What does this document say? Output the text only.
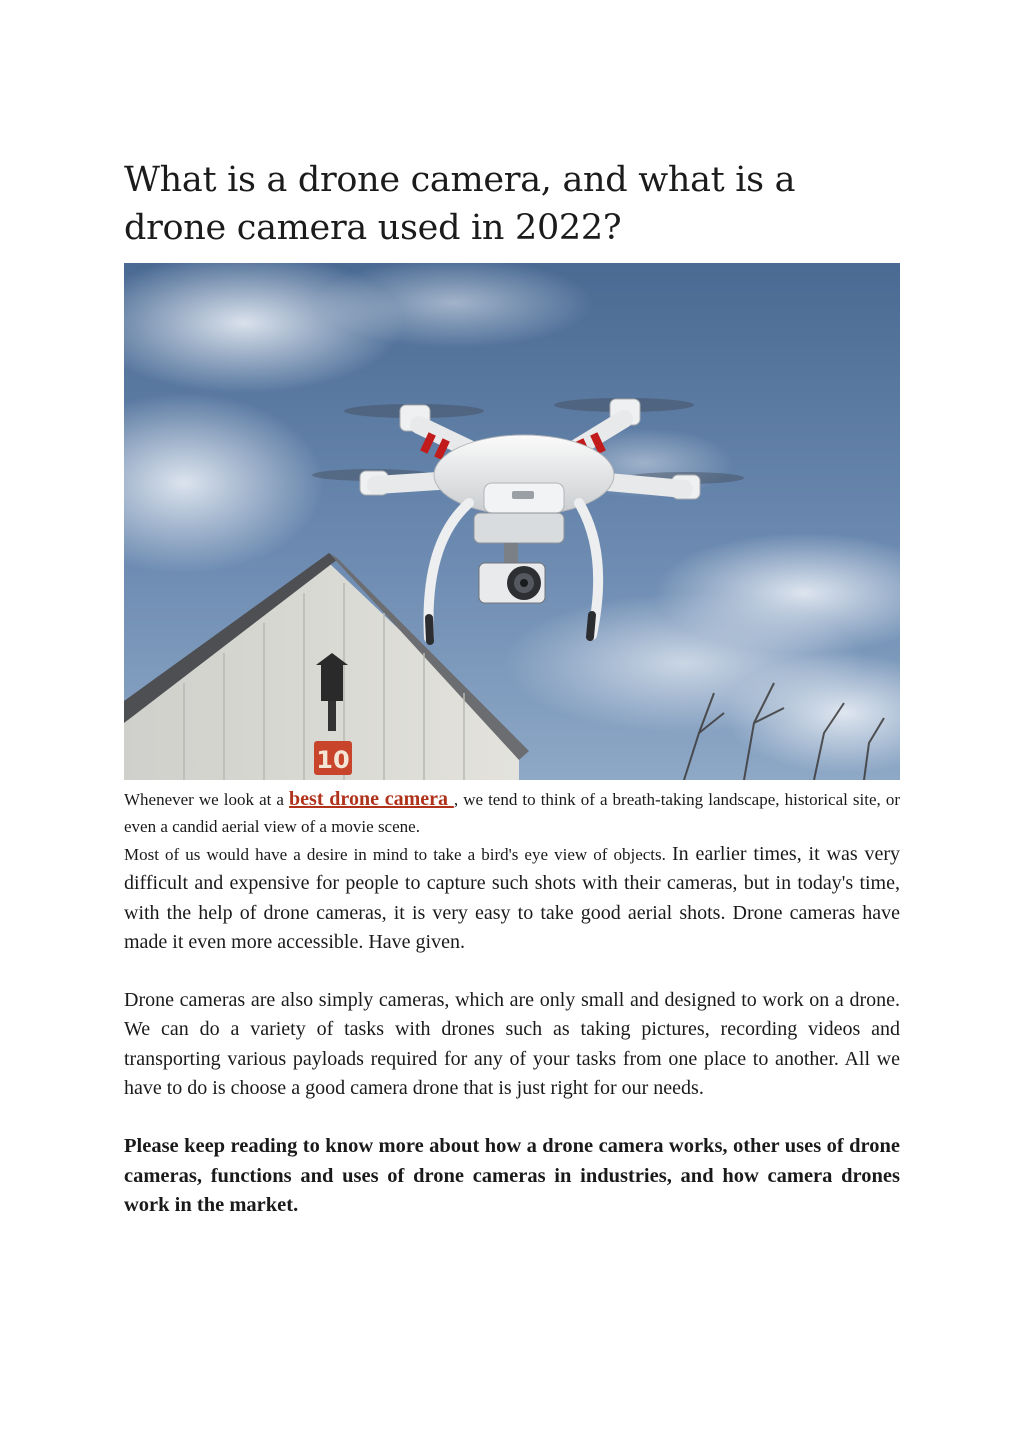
What is a drone camera, and what is a drone camera used in 2022?
10

Whenever we look at a best drone camera , we tend to think of a breath-taking landscape, historical site, or even a candid aerial view of a movie scene.

Most of us would have a desire in mind to take a bird's eye view of objects. In earlier times, it was very difficult and expensive for people to capture such shots with their cameras, but in today's time, with the help of drone cameras, it is very easy to take good aerial shots. Drone cameras have made it even more accessible. Have given.

Drone cameras are also simply cameras, which are only small and designed to work on a drone. We can do a variety of tasks with drones such as taking pictures, recording videos and transporting various payloads required for any of your tasks from one place to another. All we have to do is choose a good camera drone that is just right for our needs.

Please keep reading to know more about how a drone camera works, other uses of drone cameras, functions and uses of drone cameras in industries, and how camera drones work in the market.
